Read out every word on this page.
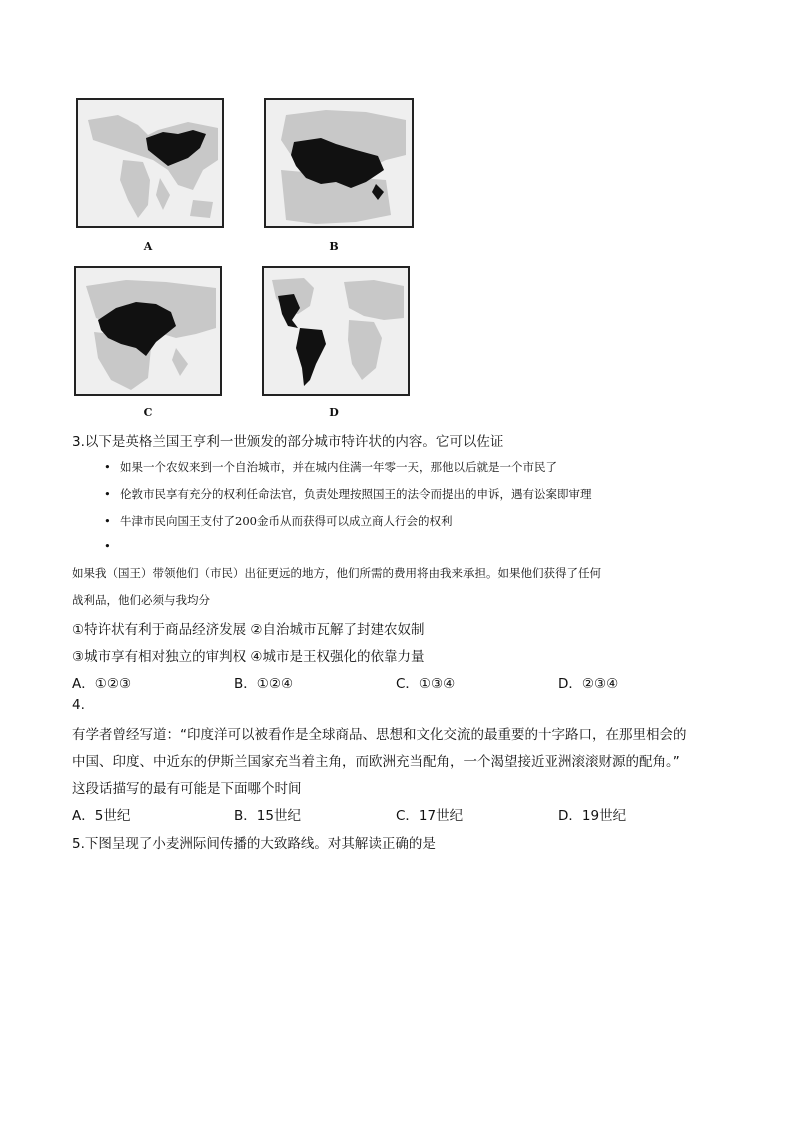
A	B
C	D
3.以下是英格兰国王亨利一世颁发的部分城市特许状的内容。它可以佐证
• 如果一个农奴来到一个自治城市，并在城内住满一年零一天，那他以后就是一个市民了
• 伦敦市民享有充分的权利任命法官，负责处理按照国王的法令而提出的申诉，遇有讼案即审理
• 牛津市民向国王支付了200金币从而获得可以成立商人行会的权利
•
如果我（国王）带领他们（市民）出征更远的地方，他们所需的费用将由我来承担。如果他们获得了任何
战利品，他们必须与我均分
①特许状有利于商品经济发展 ②自治城市瓦解了封建农奴制
③城市享有相对独立的审判权 ④城市是王权强化的依靠力量
A．①②③	B．①②④	C．①③④	D．②③④
4.
有学者曾经写道：“印度洋可以被看作是全球商品、思想和文化交流的最重要的十字路口，在那里相会的
中国、印度、中近东的伊斯兰国家充当着主角，而欧洲充当配角，一个渴望接近亚洲滚滚财源的配角。”
这段话描写的最有可能是下面哪个时间
A．5世纪	B．15世纪	C．17世纪	D．19世纪
5.下图呈现了小麦洲际间传播的大致路线。对其解读正确的是
